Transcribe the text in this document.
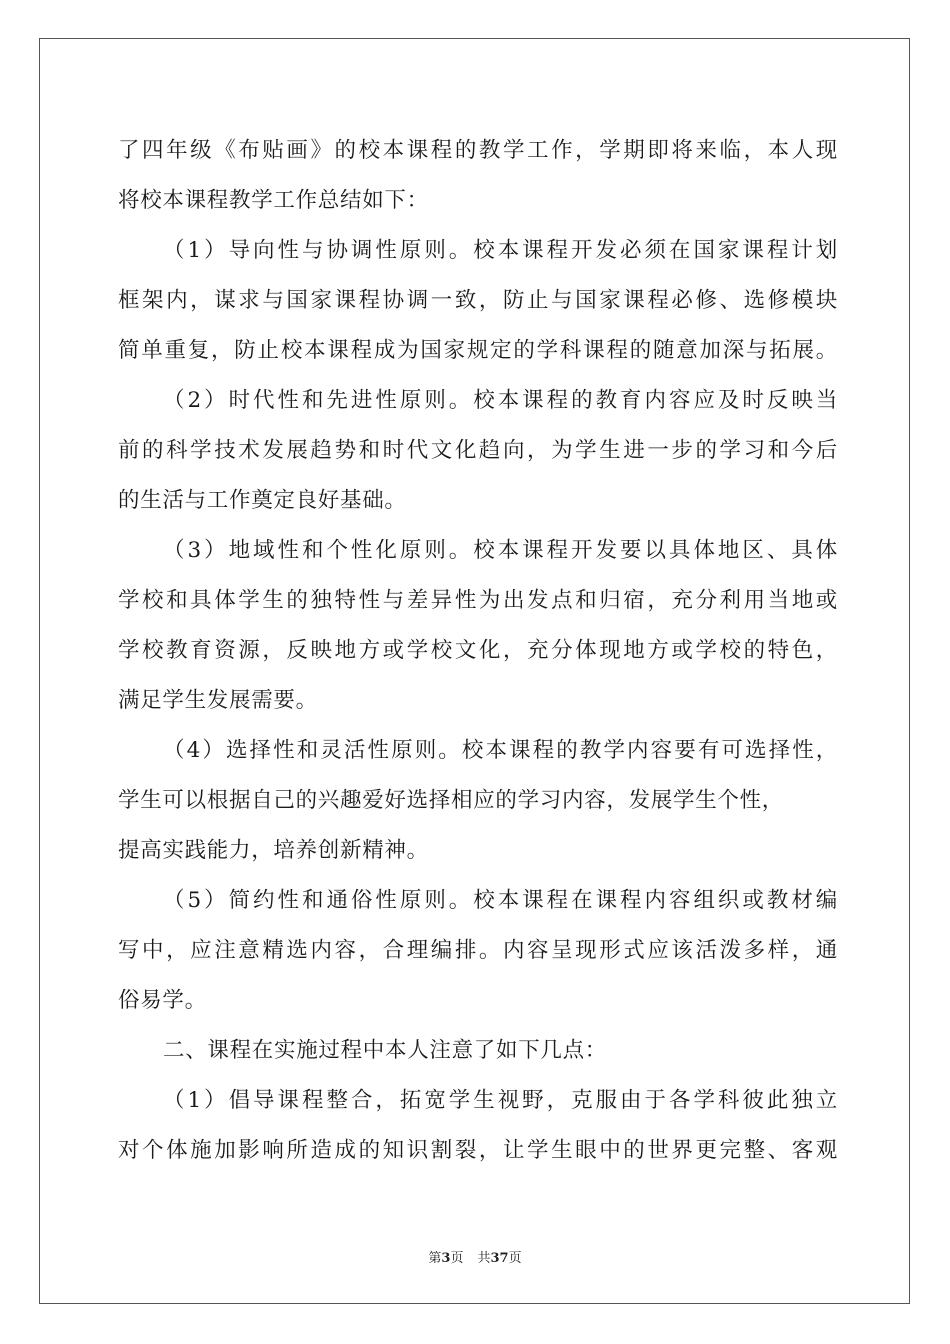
了四年级《布贴画》的校本课程的教学工作，学期即将来临，本人现
将校本课程教学工作总结如下：
（1）导向性与协调性原则。校本课程开发必须在国家课程计划
框架内，谋求与国家课程协调一致，防止与国家课程必修、选修模块
简单重复，防止校本课程成为国家规定的学科课程的随意加深与拓展。
（2）时代性和先进性原则。校本课程的教育内容应及时反映当
前的科学技术发展趋势和时代文化趋向，为学生进一步的学习和今后
的生活与工作奠定良好基础。
（3）地域性和个性化原则。校本课程开发要以具体地区、具体
学校和具体学生的独特性与差异性为出发点和归宿，充分利用当地或
学校教育资源，反映地方或学校文化，充分体现地方或学校的特色，
满足学生发展需要。
（4）选择性和灵活性原则。校本课程的教学内容要有可选择性，
学生可以根据自己的兴趣爱好选择相应的学习内容，发展学生个性，
提高实践能力，培养创新精神。
（5）简约性和通俗性原则。校本课程在课程内容组织或教材编
写中，应注意精选内容，合理编排。内容呈现形式应该活泼多样，通
俗易学。
二、课程在实施过程中本人注意了如下几点：
（1）倡导课程整合，拓宽学生视野，克服由于各学科彼此独立
对个体施加影响所造成的知识割裂，让学生眼中的世界更完整、客观
第3页 共37页
